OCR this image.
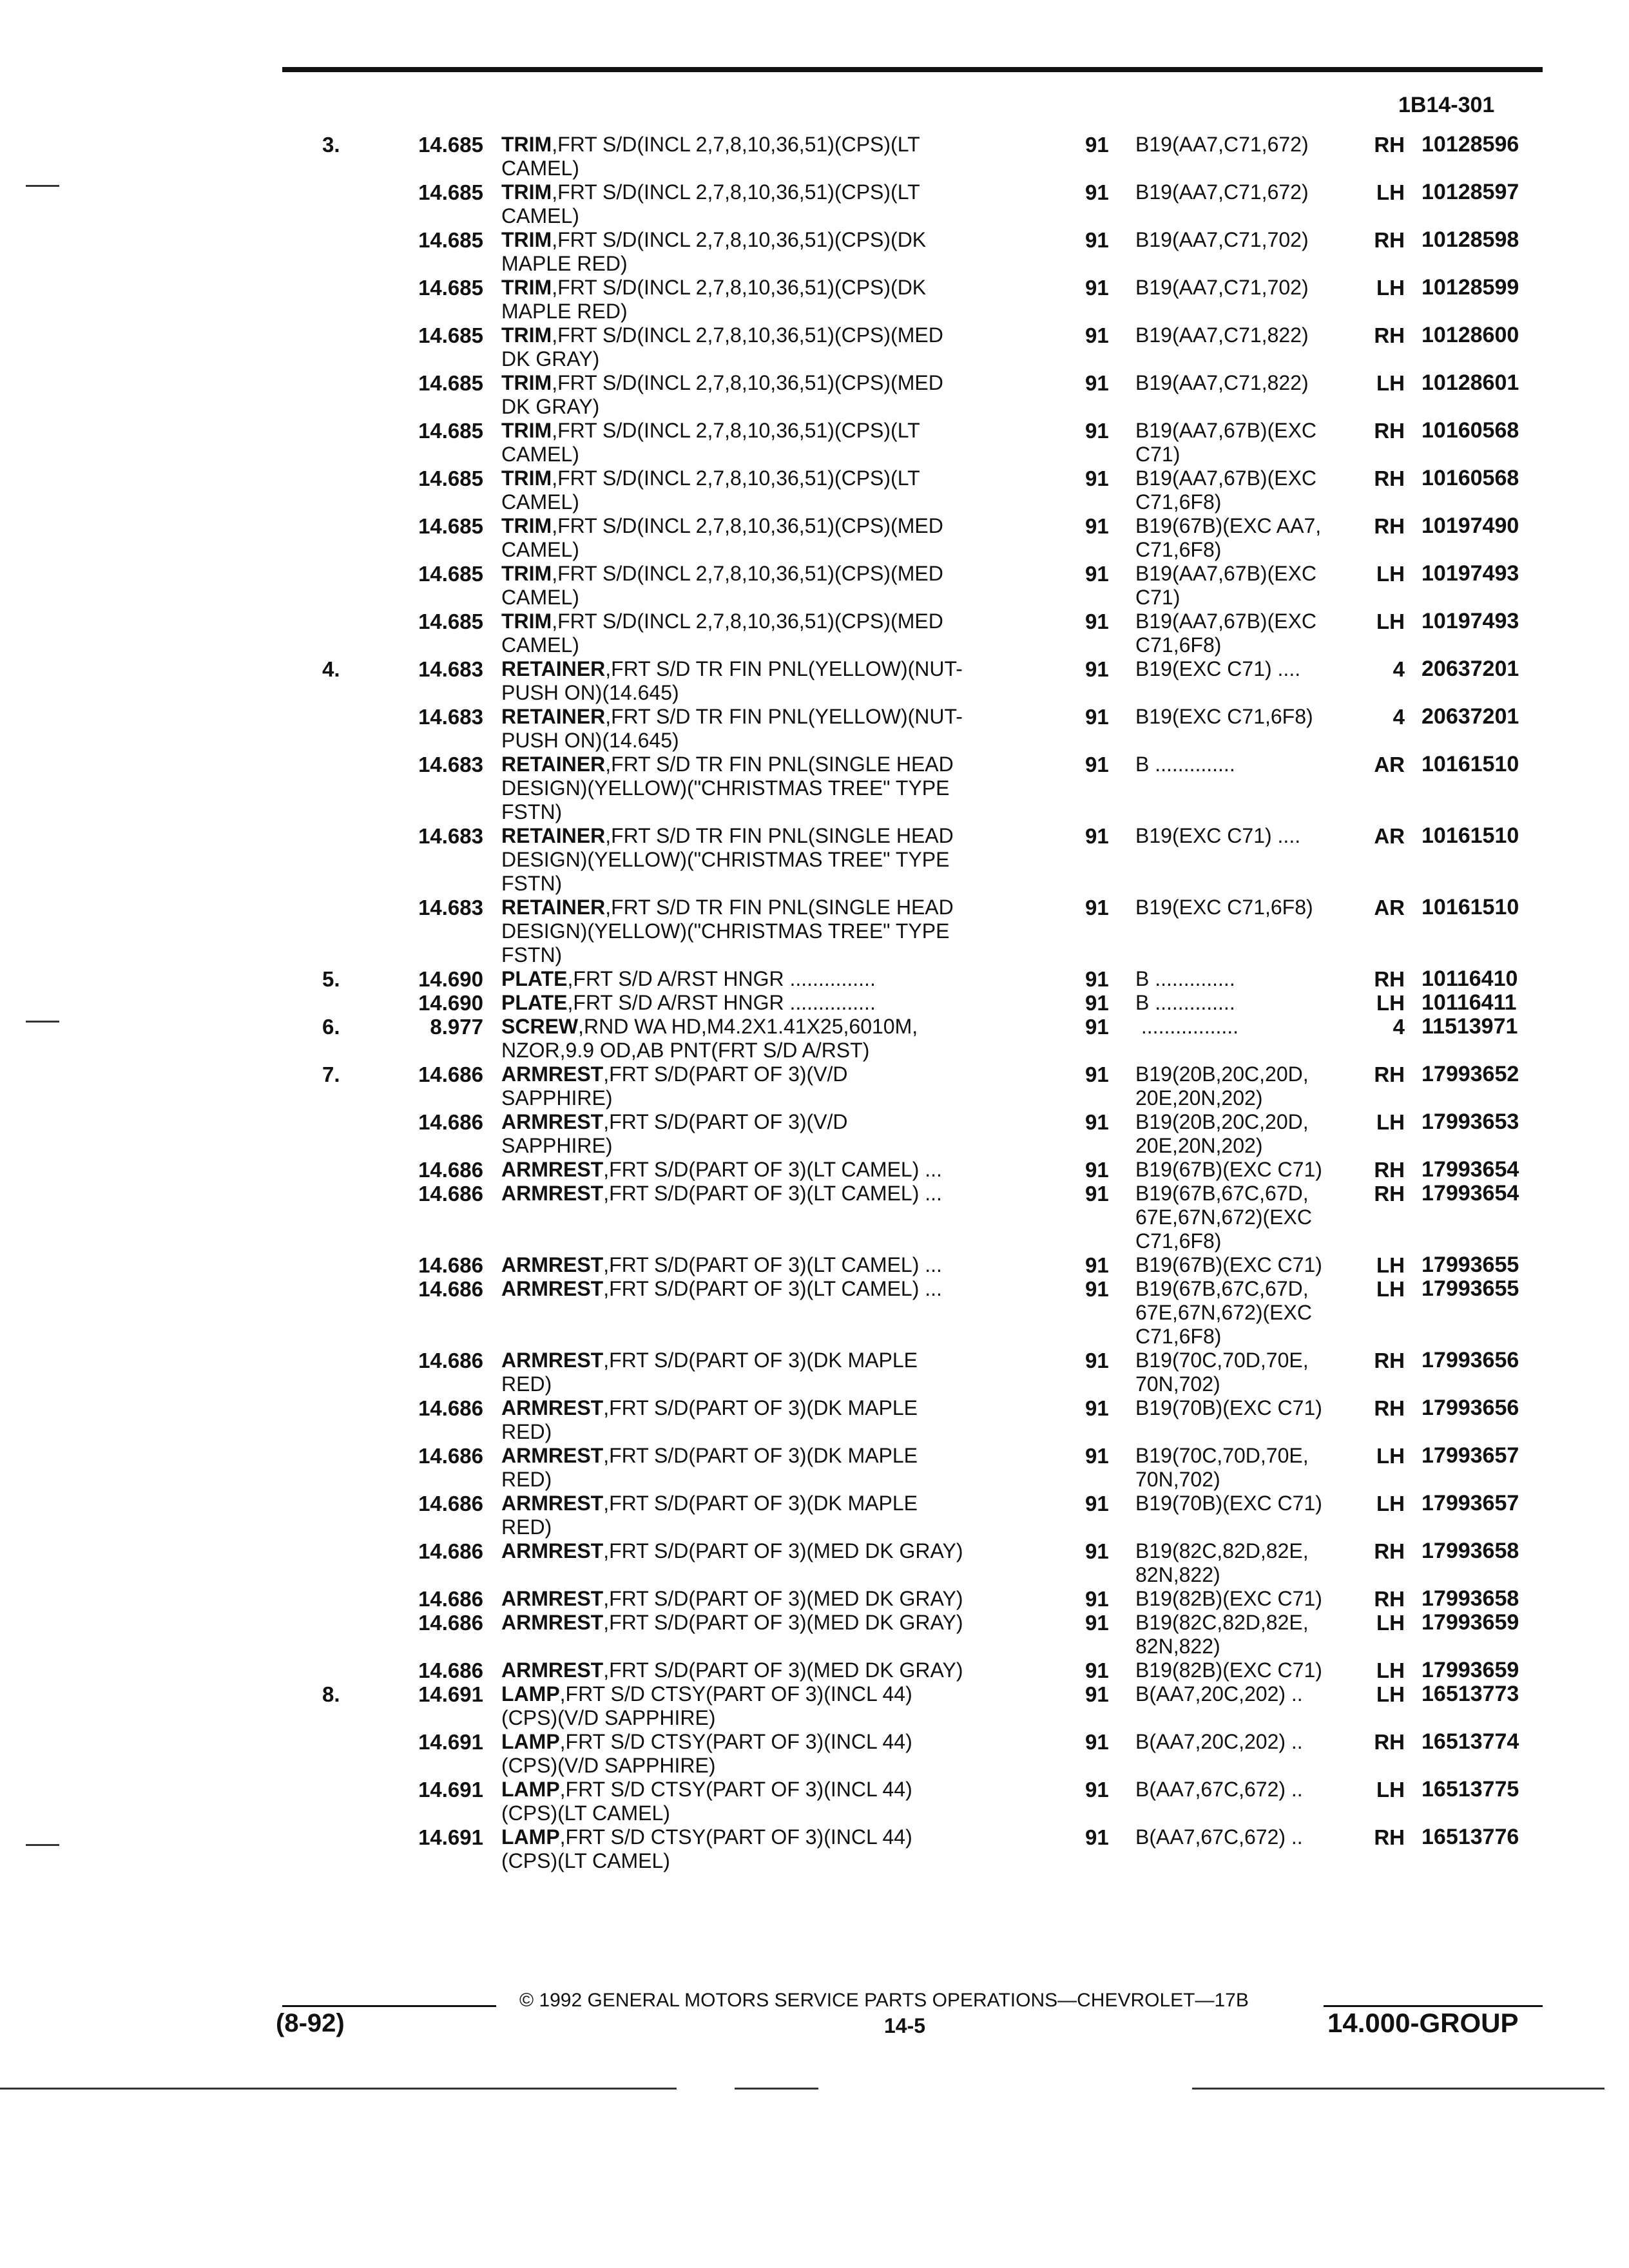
1B14-301
3.	14.685 TRIM,FRT S/D(INCL 2,7,8,10,36,51)(CPS)(LT
CAMEL)
91	B19(AA7,C71,672)	RH 10128596
14.685 TRIM,FRT S/D(INCL 2,7,8,10,36,51)(CPS)(LT
CAMEL)
91	B19(AA7,C71,672)	LH 10128597
14.685 TRIM,FRT S/D(INCL 2,7,8,10,36,51)(CPS)(DK
MAPLE RED)
91	B19(AA7,C71,702)	RH 10128598
14.685 TRIM,FRT S/D(INCL 2,7,8,10,36,51)(CPS)(DK
MAPLE RED)
91	B19(AA7,C71,702)	LH 10128599
14.685 TRIM,FRT S/D(INCL 2,7,8,10,36,51)(CPS)(MED
DK GRAY)
91	B19(AA7,C71,822)	RH 10128600
14.685 TRIM,FRT S/D(INCL 2,7,8,10,36,51)(CPS)(MED
DK GRAY)
91	B19(AA7,C71,822)	LH 10128601
14.685 TRIM,FRT S/D(INCL 2,7,8,10,36,51)(CPS)(LT
CAMEL)
91	B19(AA7,67B)(EXC
C71)
RH 10160568
14.685 TRIM,FRT S/D(INCL 2,7,8,10,36,51)(CPS)(LT
CAMEL)
91	B19(AA7,67B)(EXC
C71,6F8)
RH 10160568
14.685 TRIM,FRT S/D(INCL 2,7,8,10,36,51)(CPS)(MED
CAMEL)
91	B19(67B)(EXC AA7,
C71,6F8)
RH 10197490
14.685 TRIM,FRT S/D(INCL 2,7,8,10,36,51)(CPS)(MED
CAMEL)
91	B19(AA7,67B)(EXC
C71)
LH 10197493
14.685 TRIM,FRT S/D(INCL 2,7,8,10,36,51)(CPS)(MED
CAMEL)
91	B19(AA7,67B)(EXC
C71,6F8)
LH 10197493
4.	14.683 RETAINER,FRT S/D TR FIN PNL(YELLOW)(NUT-
PUSH ON)(14.645)
91	B19(EXC C71) ....	4 20637201
14.683 RETAINER,FRT S/D TR FIN PNL(YELLOW)(NUT-
PUSH ON)(14.645)
91	B19(EXC C71,6F8)	4 20637201
14.683 RETAINER,FRT S/D TR FIN PNL(SINGLE HEAD
DESIGN)(YELLOW)("CHRISTMAS TREE" TYPE
FSTN)
91	B ..............	AR 10161510
14.683 RETAINER,FRT S/D TR FIN PNL(SINGLE HEAD
DESIGN)(YELLOW)("CHRISTMAS TREE" TYPE
FSTN)
91	B19(EXC C71) ....	AR 10161510
14.683 RETAINER,FRT S/D TR FIN PNL(SINGLE HEAD
DESIGN)(YELLOW)("CHRISTMAS TREE" TYPE
FSTN)
91	B19(EXC C71,6F8)	AR 10161510
5.	14.690 PLATE,FRT S/D A/RST HNGR ...............	91	B ..............	RH 10116410
14.690 PLATE,FRT S/D A/RST HNGR ...............	91	B ..............	LH 10116411
6.	8.977 SCREW,RND WA HD,M4.2X1.41X25,6010M,
NZOR,9.9 OD,AB PNT(FRT S/D A/RST)
91	.................	4 11513971
7.	14.686 ARMREST,FRT S/D(PART OF 3)(V/D
SAPPHIRE)
91	B19(20B,20C,20D,
20E,20N,202)
RH 17993652
14.686 ARMREST,FRT S/D(PART OF 3)(V/D
SAPPHIRE)
91	B19(20B,20C,20D,
20E,20N,202)
LH 17993653
14.686 ARMREST,FRT S/D(PART OF 3)(LT CAMEL) ...	91	B19(67B)(EXC C71)	RH 17993654
14.686 ARMREST,FRT S/D(PART OF 3)(LT CAMEL) ...	91	B19(67B,67C,67D,
67E,67N,672)(EXC
C71,6F8)
RH 17993654
14.686 ARMREST,FRT S/D(PART OF 3)(LT CAMEL) ...	91	B19(67B)(EXC C71)	LH 17993655
14.686 ARMREST,FRT S/D(PART OF 3)(LT CAMEL) ...	91	B19(67B,67C,67D,
67E,67N,672)(EXC
C71,6F8)
LH 17993655
14.686 ARMREST,FRT S/D(PART OF 3)(DK MAPLE
RED)
91	B19(70C,70D,70E,
70N,702)
RH 17993656
14.686 ARMREST,FRT S/D(PART OF 3)(DK MAPLE
RED)
91	B19(70B)(EXC C71)	RH 17993656
14.686 ARMREST,FRT S/D(PART OF 3)(DK MAPLE
RED)
91	B19(70C,70D,70E,
70N,702)
LH 17993657
14.686 ARMREST,FRT S/D(PART OF 3)(DK MAPLE
RED)
91	B19(70B)(EXC C71)	LH 17993657
14.686 ARMREST,FRT S/D(PART OF 3)(MED DK GRAY)	91	B19(82C,82D,82E,
82N,822)
RH 17993658
14.686 ARMREST,FRT S/D(PART OF 3)(MED DK GRAY)	91	B19(82B)(EXC C71)	RH 17993658
14.686 ARMREST,FRT S/D(PART OF 3)(MED DK GRAY)	91	B19(82C,82D,82E,
82N,822)
LH 17993659
14.686 ARMREST,FRT S/D(PART OF 3)(MED DK GRAY)	91	B19(82B)(EXC C71)	LH 17993659
8.	14.691 LAMP,FRT S/D CTSY(PART OF 3)(INCL 44)
(CPS)(V/D SAPPHIRE)
91	B(AA7,20C,202) ..	LH 16513773
14.691 LAMP,FRT S/D CTSY(PART OF 3)(INCL 44)
(CPS)(V/D SAPPHIRE)
91	B(AA7,20C,202) ..	RH 16513774
14.691 LAMP,FRT S/D CTSY(PART OF 3)(INCL 44)
(CPS)(LT CAMEL)
91	B(AA7,67C,672) ..	LH 16513775
14.691 LAMP,FRT S/D CTSY(PART OF 3)(INCL 44)
(CPS)(LT CAMEL)
91	B(AA7,67C,672) ..	RH 16513776
© 1992 GENERAL MOTORS SERVICE PARTS OPERATIONS—CHEVROLET—17B
(8-92)	14-5	14.000-GROUP
